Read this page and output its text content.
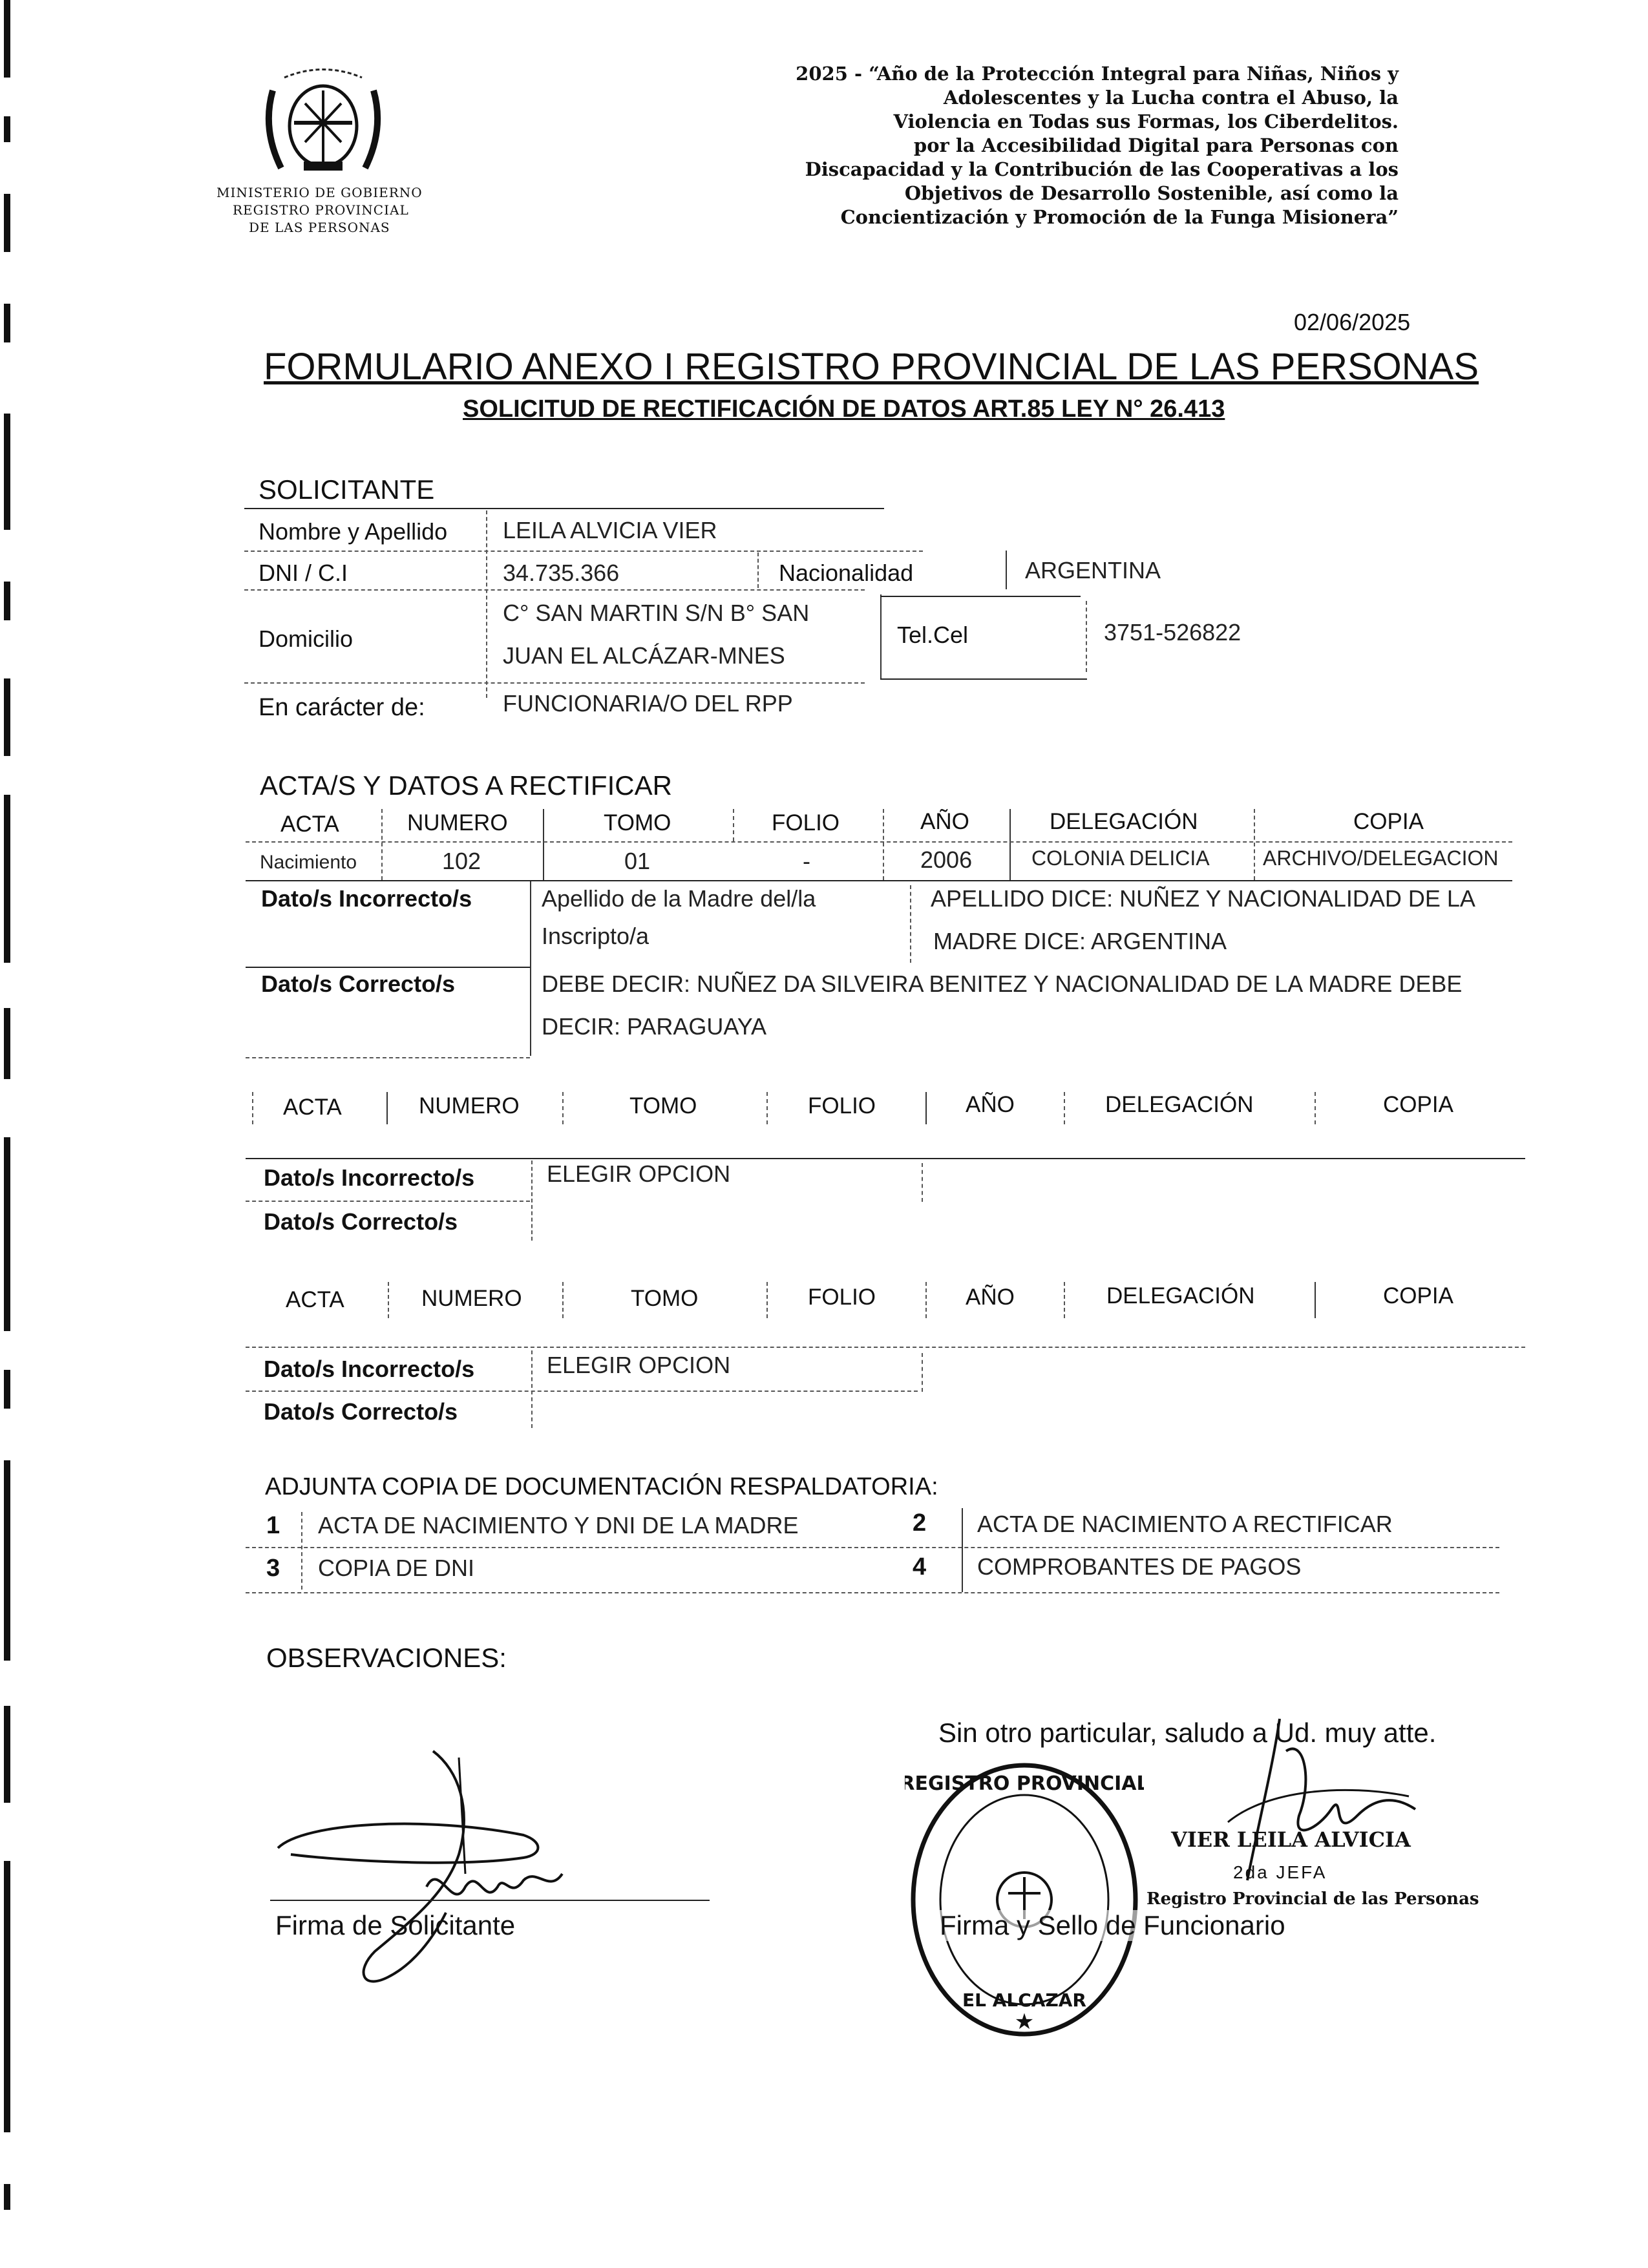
MINISTERIO DE GOBIERNO
REGISTRO PROVINCIAL
DE LAS PERSONAS
2025 - “Año de la Protección Integral para Niñas, Niños y
Adolescentes y la Lucha contra el Abuso, la
Violencia en Todas sus Formas, los Ciberdelitos.
por la Accesibilidad Digital para Personas con
Discapacidad y la Contribución de las Cooperativas a los
Objetivos de Desarrollo Sostenible, así como la
Concientización y Promoción de la Funga Misionera”
02/06/2025
FORMULARIO ANEXO I REGISTRO PROVINCIAL DE LAS PERSONAS
SOLICITUD DE RECTIFICACIÓN DE DATOS ART.85 LEY N° 26.413
SOLICITANTE
Nombre y Apellido LEILA ALVICIA VIER
DNI / C.I	34.735.366	Nacionalidad	ARGENTINA
Domicilio
C° SAN MARTIN S/N B° SAN
JUAN EL ALCÁZAR-MNES
Tel.Cel	3751-526822
En carácter de:	FUNCIONARIA/O DEL RPP
ACTA/S Y DATOS A RECTIFICAR
ACTA	NUMERO	TOMO	FOLIO	AÑO	DELEGACIÓN	COPIA
Nacimiento	102	01	-	2006	COLONIA DELICIA	ARCHIVO/DELEGACION
Dato/s Incorrecto/s	Apellido de la Madre del/la
Inscripto/a
APELLIDO DICE: NUÑEZ Y NACIONALIDAD DE LA
MADRE DICE: ARGENTINA
Dato/s Correcto/s	DEBE DECIR: NUÑEZ DA SILVEIRA BENITEZ Y NACIONALIDAD DE LA MADRE DEBE
DECIR: PARAGUAYA
ACTA	NUMERO	TOMO	FOLIO	AÑO	DELEGACIÓN	COPIA
Dato/s Incorrecto/s	ELEGIR OPCION
Dato/s Correcto/s
ACTA	NUMERO	TOMO	FOLIO	AÑO	DELEGACIÓN	COPIA
Dato/s Incorrecto/s	ELEGIR OPCION
Dato/s Correcto/s
ADJUNTA COPIA DE DOCUMENTACIÓN RESPALDATORIA:
1 ACTA DE NACIMIENTO Y DNI DE LA MADRE	2 ACTA DE NACIMIENTO A RECTIFICAR
3 COPIA DE DNI	4 COMPROBANTES DE PAGOS
OBSERVACIONES:
Sin otro particular, saludo a Ud. muy atte.
Firma de Solicitante
REGISTRO PROVINCIAL
EL ALCAZAR
★
VIER LEILA ALVICIA
2da JEFA
Registro Provincial de las Personas
Firma y Sello de Funcionario
